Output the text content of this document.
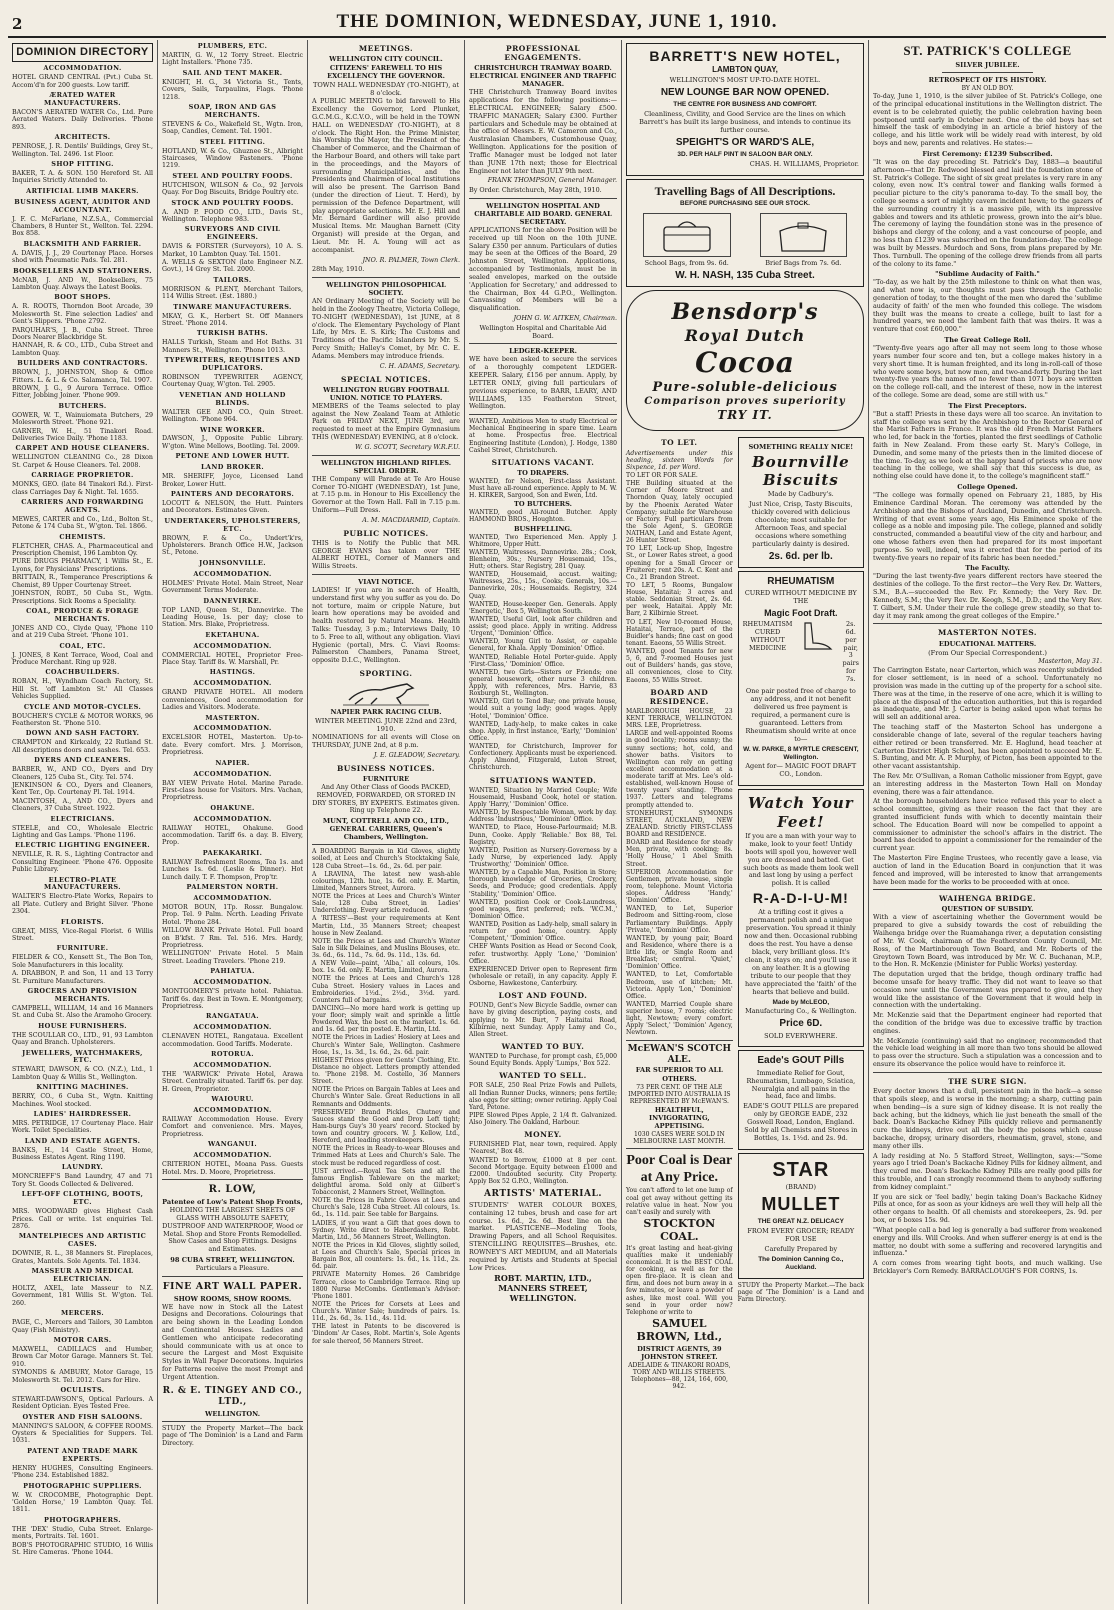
2	THE DOMINION, WEDNESDAY, JUNE 1, 1910.
DOMINION DIRECTORY
ACCOMMODATION.
HOTEL GRAND CENTRAL (Pvt.) Cuba St. Accom'd'n for 200 guests. Low tariff.
ÆRATED WATER MANUFACTURERS.
BACON'S AERATED WATER Co., Ltd. Pure Aerated Waters. Daily Deliveries. 'Phone 893.
ARCHITECTS.
PENROSE, J. R. Dentils' Buildings, Grey St., Wellington. Tel. 2496. 1st Floor.
SHOP FITTING.
BAKER, T. A. & SON. 150 Hereford St. All Inquiries Strictly Attended to.
ARTIFICIAL LIMB MAKERS.
BUSINESS AGENT, AUDITOR AND ACCOUNTANT.
J. F. C. McFarlane, N.Z.S.A., Commercial Chambers, 8 Hunter St., Wellton. Tel. 2294. Box 858.
BLACKSMITH AND FARRIER.
A. DAVIS, J. J., 29 Courtenay Place. Horses shod with Pneumatic Pads. Tel. 281.
BOOKSELLERS AND STATIONERS.
McNAB, J. AND W., Booksellers, 75 Lambton Quay. Always the Latest Books.
BOOT SHOPS.
A. R. ROOTS, Thorndon Boot Arcade, 39 Molesworth St. Fine selection Ladies' and Gent's Slippers. 'Phone 2792.
PARQUHAR'S, J. B., Cuba Street. Three Doors Nearer Blackbridge St.
HANNAH, R. & CO., LTD., Cuba Street and Lambton Quay.
BUILDERS AND CONTRACTORS.
BROWN, J., JOHNSTON, Shop & Office Fitters. L. & L. & Co. Salamanca, Tel. 1907.
BROWN, J. G., 9 Aurora Terrace. Office Fitter, Jobbing Joiner. 'Phone 909.
BUTCHERS.
GOWER, W. T., Wainuiomata Butchers, 29 Molesworth Street. 'Phone 921.
GARNER, W. H., 51 Tinakori Road. Deliveries Twice Daily. 'Phone 1183.
CARPET AND HOUSE CLEANERS.
WELLINGTON CLEANING Co., 28 Dixon St. Carpet & House Cleaners. Tel. 2008.
CARRIAGE PROPRIETOR.
MONKS, GEO. (late 84 Tinakori Rd.). First-class Carriages Day & Night. Tel. 1655.
CARRIERS AND FORWARDING AGENTS.
MEWES, CARTER and Co., Ltd., Bolton St., Petone & 174 Cuba St., W'gton. Tel. 1866.
CHEMISTS.
FLETCHER, CHAS. A., Pharmaceutical and Prescription Chemist, 196 Lambton Qy.
PURE DRUGS PHARMACY, 1 Willis St., E. Lyons, for Physicians' Prescriptions.
BRITTAIN, R., Temperance Prescriptions & Chemist, 89 Upper Courtenay Street.
JOHNSTON, ROBT., 50 Cuba St., Wgtn. Prescriptions. Sick Rooms a Speciality.
COAL, PRODUCE & FORAGE MERCHANTS.
JONES AND CO., Clyde Quay, 'Phone 110 and at 219 Cuba Street. 'Phone 101.
COAL, ETC.
J. JONES, 8 Kent Terrace, Wood, Coal and Produce Merchant. Ring up 928.
COACHBUILDERS.
ROBAN, H., Wyndham Coach Factory, St. Hill St. 'off Lambton St.' All Classes Vehicles Supplied.
CYCLE AND MOTOR-CYCLES.
BOUCHER'S CYCLE & MOTOR WORKS, 96 Featherston St. 'Phone 510.
DOWN AND SASH FACTORY.
CRAMPTON and Kirkcaldy, 22 Rutland St. All descriptions doors and sashes. Tel. 653.
DYERS AND CLEANERS.
BARBER, W., AND CO., Dyers and Dry Cleaners, 125 Cuba St., City. Tel. 574.
JENKINSON & CO., Dyers and Cleaners, Kent Ter., Op. Courtenay Pl. Tel. 1914.
MACINTOSH, A., AND CO., Dyers and Cleaners, 37 Cuba Street. 1922.
ELECTRICIANS.
STEELE, and CO., Wholesale Electric Lighting and Gas Lamps. 'Phone 1196.
ELECTRIC LIGHTING ENGINEER.
NEVILLE, R. R. S., Lighting Contractor and Consulting Engineer. 'Phone 476. Opposite Public Library.
ELECTRO-PLATE MANUFACTURERS.
WALTER'S Electro-Plate Works, Repairs to all Plate. Cutlery and Bright Silver. 'Phone 2304.
FLORISTS.
GREAT, MISS, Vice-Regal Florist. 6 Willis Street.
FURNITURE.
FIELDER & CO., Kensett St., The Bon Ton, Sole Manufacturers in this locality.
A. DRABBON, P. and Son, 11 and 13 Torry St. Furniture Manufacturers.
GROCERS AND PROVISION MERCHANTS.
CAMPBELL, WILLIAM, 14 and 16 Manners St. and Cuba St. Also the Aramoho Grocery.
HOUSE FURNISHERS.
THE SCOULLAR CO., LTD., 91, 93 Lambton Quay and Branch. Upholsterers.
JEWELLERS, WATCHMAKERS, ETC.
STEWART, DAWSON, & CO. (N.Z.), Ltd., 1 Lambton Quay & Willis St., Wellington.
KNITTING MACHINES.
BERRY, CO., 6 Cuba St., Wgtn. Knitting Machines. Wool stocked.
LADIES' HAIRDRESSER.
MRS. PETRIDGE, 17 Courtenay Place. Hair Work. Toilet Specialities.
LAND AND ESTATE AGENTS.
BANKS, H., 14 Castle Street, Home, Business Estates Agent. Ring 1190.
LAUNDRY.
MONCRIEFF'S Band Laundry, 47 and 71 Tory St. Goods Collected & Delivered.
LEFT-OFF CLOTHING, BOOTS, ETC.
MRS. WOODWARD gives Highest Cash Prices. Call or write. 1st enquiries Tel. 2876.
MANTELPIECES AND ARTISTIC CASES.
DOWNIE, R. L., 38 Manners St. Fireplaces, Grates, Mantels. Sole Agents. Tel. 1834.
MASSEUR AND MEDICAL ELECTRICIAN.
HOLTZ, AXEL, late Masseur to N.Z. Government, 181 Willis St. W'gton. Tel. 260.
MERCERS.
PAGE, C., Mercers and Tailors, 30 Lambton Quay (Fish Ministry).
MOTOR CARS.
MAXWELL, CADILLACS and Humber, Brown Car Motor Garage. Manners St. Tel. 910.
SYMONDS & AMBURY, Motor Garage, 15 Molesworth St. Tel. 2012. Cars for Hire.
OCULISTS.
STEWART-DAWSON'S, Optical Parlours. A Resident Optician. Eyes Tested Free.
OYSTER AND FISH SALOONS.
MANNING'S SALOON, & COFFEE ROOMS. Oysters & Specialities for Suppers. Tel. 1031.
PATENT AND TRADE MARK EXPERTS.
HENRY HUGHES, Consulting Engineers. 'Phone 234. Established 1882.
PHOTOGRAPHIC SUPPLIERS.
W. W. CROCOMBE, Photographic Dept. 'Golden Horse,' 19 Lambton Quay. Tel. 1811.
PHOTOGRAPHERS.
THE 'DEX' Studio, Cuba Street. Enlarge-ments, Portraits. Tel. 1601.
BOB'S PHOTOGRAPHIC STUDIO, 16 Willis St. Hire Cameras. 'Phone 1044.
PLUMBERS, ETC.
MARTIN, G. W., 12 Torry Street. Electric Light Installers. 'Phone 735.
SAIL AND TENT MAKER.
KNIGHT, H. G., 34 Victoria St., Tents, Covers, Sails, Tarpaulins, Flags. 'Phone 1218.
SOAP, IRON AND GAS MERCHANTS.
STEVENS & Co., Wakefield St., Wgtn. Iron, Soap, Candles, Cement. Tel. 1901.
STEEL FITTING.
HOTLAND, W. & Co., Ghuznee St., Albright Staircases, Window Fasteners. 'Phone 1219.
STEEL AND POULTRY FOODS.
HUTCHISON, WILSON & Co., 92 Jervois Quay. For Dog Biscuits, Bridge Poultry etc.
STOCK AND POULTRY FOODS.
A. AND P. FOOD CO., LTD., Davis St., Wellington. Telephone 983.
SURVEYORS AND CIVIL ENGINEERS.
DAVIS & FORSTER (Surveyors), 10 A. S. Market, 10 Lambton Quay. Tel. 1501.
A. WELLS & SEXTON (late Engineer N.Z. Govt.), 14 Grey St. Tel. 2000.
TAILORS.
MORRISON & PLENT, Merchant Tailors, 114 Willis Street. (Est. 1880.)
TINWARE MANUFACTURERS.
MKAY, G. K., Herbert St. Off Manners Street. 'Phone 2014.
TURKISH BATHS.
HALLS Turkish, Steam and Hot Baths. 31 Manners St., Wellington. 'Phone 1013.
TYPEWRITERS, REQUISITES AND DUPLICATORS.
ROBINSON TYPEWRITER AGENCY, Courtenay Quay, W'gton. Tel. 2905.
VENETIAN AND HOLLAND BLINDS.
WALTER GEE AND CO., Quin Street. Wellington. 'Phone 964.
WINE WORKER.
DAWSON, J., Opposite Public Library. W'gton. Wine Mellows, Bootling. Tel. 2009.
PETONE AND LOWER HUTT.
LAND BROKER.
MR. SHERIFF, Joyce, Licensed Land Broker, Lower Hutt.
PAINTERS AND DECORATORS.
LOCOTT & NELSON, the Hutt. Painters and Decorators. Estimates Given.
UNDERTAKERS, UPHOLSTERERS, ETC.
BROWN, F. & Co., Undert'k'rs, Upholsterers. Branch Office H.W., Jackson St., Petone.
JOHNSONVILLE.
ACCOMMODATION.
HOLMES' Private Hotel. Main Street, Near Government Terms Moderate.
DANNEVIRKE.
TOP LAND, Queen St., Dannevirke. The Leading House, 1s. per day; close to Station. Mrs. Blake, Proprietress.
EKETAHUNA.
ACCOMMODATION.
COMMERCIAL HOTEL, Proprietor Free-Place Stay. Tariff 8s. W. Marshall, Pr.
HASTINGS.
ACCOMMODATION.
GRAND PRIVATE HOTEL. All modern conveniences, Good accommodation for Ladies and Visitors. Moderate.
MASTERTON.
ACCOMMODATION.
EXCELSIOR HOTEL, Masterton. Up-to-date. Every comfort. Mrs. J. Morrison, Proprietress.
NAPIER.
ACCOMMODATION.
BAY VIEW Private Hotel. Marine Parade. First-class house for Visitors. Mrs. Vachan, Proprietress.
OHAKUNE.
ACCOMMODATION.
RAILWAY HOTEL, Ohakune. Good accommodation. Tariff 6s. a day. B. Elvery, Prop.
PAEKAKARIKI.
RAILWAY Refreshment Rooms, Tea 1s. and Lunches 1s. 6d. (Leslie & Dinner). Hot Lunch daily. T. F. Thompson, Prop'tr.
PALMERSTON NORTH.
ACCOMMODATION.
MOTOR BOUN, 1Tp. Rossr. Bungalow. Prop. Tel. 9 Palm. Ncrth. Leading Private Hotel. 'Phone 284.
WILLOW BANK Private Hotel. Full board on B'kfst. 7 Rm. Tel. 516. Mrs. Hardy, Proprietress.
WELLINGTON' Private Hotel. 5 Main Street. Leading Travelers. 'Phone 219.
PAHIATUA.
ACCOMMODATION.
MONTGOMERY'S private hotel. Pahiatua. Tariff 6s. day. Best in Town. E. Montgomery, Proprietress.
RANGATAUA.
ACCOMMODATION.
CLENAVEN HOTEL, Rangataua. Excellent accommodation. Good Tariffs. Moderate.
ROTORUA.
ACCOMMODATION.
THE 'WARWICK' Private Hotel, Arawa Street. Centrally situated. Tariff 6s. per day. H. Green, Proprietor.
WAIOURU.
ACCOMMODATION.
RAILWAY Accommodation House. Every Comfort and convenience. Mrs. Mayes, Proprietress.
WANGANUI.
ACCOMMODATION.
CRITERION HOTEL, Moana Pass. Guests Hotel. Mrs. D. Moore, Proprietress.
R. LOW,
Patentee of Low's Patent Shop Fronts,
HOLDING THE LARGEST SHEETS OF GLASS WITH ABSOLUTE SAFETY, DUSTPROOF AND WATERPROOF, Wood or Metal. Shop and Store Fronts Remodelled. Show Cases and Shop Fittings. Designs and Estimates.
98 CUBA STREET, WELLINGTON.
Particulars a Pleasure.
FINE ART WALL PAPER.
SHOW ROOMS, SHOW ROOMS.
WE have now in Stock all the Latest Designs and Decorations. Colourings that are being shown in the Leading London and Continental Houses. Ladies and Gentlemen who anticipate redecorating should communicate with us at once to secure the Largest and Most Exquisite Styles in Wall Paper Decorations. Inquiries for Patterns receive the most Prompt and Urgent Attention.
R. & E. TINGEY AND CO., LTD.,
WELLINGTON.
STUDY the Property Market—The back page of 'The Dominion' is a Land and Farm Directory.
MEETINGS.
WELLINGTON CITY COUNCIL.
CITIZENS' FAREWELL TO HIS EXCELLENCY THE GOVERNOR.
TOWN HALL WEDNESDAY (TO-NIGHT), at 8 o'clock.
A PUBLIC MEETING to bid farewell to His Excellency the Governor, Lord Plunket, G.C.M.G., K.C.V.O., will be held in the TOWN HALL on WEDNESDAY (TO-NIGHT), at 8 o'clock. The Right Hon. the Prime Minister, his Worship the Mayor, the President of the Chamber of Commerce, and the Chairman of the Harbour Board, and others will take part in the proceedings, and the Mayors of surrounding Municipalities, and the Presidents and Chairmen of local Institutions will also be present. The Garrison Band (under the direction of Lieut. T. Herd), by permission of the Defence Department, will play appropriate selections. Mr. E. J. Hill and Mr. Bernard Gardiner will also provide Musical Items. Mr. Maughan Barnett (City Organist) will preside at the Organ, and Lieut. Mr. H. A. Young will act as accompanist.
JNO. R. PALMER, Town Clerk.
28th May, 1910.
WELLINGTON PHILOSOPHICAL SOCIETY.
AN Ordinary Meeting of the Society will be held in the Zoology Theatre, Victoria College, TO-NIGHT (WEDNESDAY), 1st JUNE, at 8 o'clock. The Elementary Psychology of Plant Life, by Mrs. E. S. Kirk; The Customs and Traditions of the Pacific Islanders by Mr. S. Percy Smith; Halley's Comet, by Mr. C. E. Adams. Members may introduce friends.
C. H. ADAMS, Secretary.
SPECIAL NOTICES.
WELLINGTON RUGBY FOOTBALL UNION. NOTICE TO PLAYERS.
MEMBERS of the Teams selected to play against the New Zealand Team at Athletic Park on FRIDAY NEXT, JUNE 3rd, are requested to meet at the Empire Gymnasium THIS (WEDNESDAY) EVENING, at 8 o'clock.
W. G. SCOTT, Secretary W.R.F.U.
WELLINGTON HIGHLAND RIFLES. SPECIAL ORDER.
THE Company will Parade at Te Aro House Corner TO-NIGHT (WEDNESDAY), 1st June, at 7.15 p.m. in Honour to His Excellency the Governor at the Town Hall. Fall in 7.15 p.m. Uniform—Full Dress.
A. M. MACDIARMID, Captain.
PUBLIC NOTICES.
THIS is to Notify the Public that MR. GEORGE EVANS has taken over THE ALBERT HOTEL, Corner of Manners and Willis Streets.
VIAVI NOTICE.
LADIES! If you are in search of Health, understand first why you suffer as you do. Do not torture, maim or cripple Nature, but learn how operations may be avoided and health restored by Natural Means. Health Talks: Tuesday, 3 p.m.; Interviews Daily, 10 to 5. Free to all, without any obligation. Viavi Hygienic (portal), Mrs. C. Viavi Rooms: Palmerston Chambers, Panama Street, opposite D.I.C., Wellington.
SPORTING.
NAPIER PARK RACING CLUB.
WINTER MEETING. JUNE 22nd and 23rd, 1910.
NOMINATIONS for all events will Close on THURSDAY, JUNE 2nd, at 8 p.m.
J. E. GLEADOW, Secretary.
BUSINESS NOTICES.
FURNITURE
And Any Other Class of Goods PACKED, REMOVED, FORWARDED, OR STORED IN DRY STORES, BY EXPERTS. Estimates given. Ring up Telephone 22.
MUNT, COTTRELL AND CO., LTD., GENERAL CARRIERS, Queen's Chambers, Wellington.
A BOARDING Bargain in Kid Gloves, slightly soiled, at Lees and Church's Stocktaking Sale, 128 Cuba Street—1s. 6d., 2s. 6d. per pair.
A LRAVINA, The latest new wash-able colourings, 12th. hue, 1s. 6d. only. E. Martin, Limited, Manners Street, Aurora.
NOTE the Prices at Lees and Church's Winter Sale, 128 Cuba Street, in Ladies' Underclothing. Every article reduced.
A 'RITESS'—Best your requirements at Kent Martin, Ltd., 35 Manners Street; cheapest house in New Zealand.
NOTE the Prices at Lees and Church's Winter Sale in Silk Delaines, and Muslins Blouses, etc. 3s. 6d., 6s. 11d., 7s. 6d. 9s. 11d., 13s. 6d.
A NEW Voile—paint, 'Alba,' all colours, 10s. box. 1s. 6d. only. E. Martin, Limited, Aurora.
NOTE the Prices at Lees and Church's 128 Cuba Street. Hosiery values in Laces and Embroideries. 1½d., 2½d., 3½d. yard. Counters full of bargains.
DANCING—No more hard work is getting up your floor; simply wait and sprinkle a little Powdered Wax, the best on the market. 1s. 6d. and 1s. 6d. per tin posted. E. Martin, Ltd.
NOTE the Prices in Ladies' Hosiery at Lees and Church's Winter Sale, Wellington. Cashmere Hose, 1s., 1s. 3d., 1s. 6d., 2s. 6d. pair.
HIGHEST Prices given for Gents' Clothing, Etc. Distance no object. Letters promptly attended to. 'Phone 2198. M. Costello, 36 Manners Street.
NOTE the Prices on Bargain Tables at Lees and Church's Winter Sale. Great Reductions in all Remnants and Oddments.
'PRESERVED' Brand Pickles, Chutney and Sauces stand the Good and Drop Left tight; Ham-burgs Guy's 30 years' record. Stocked by town and country grocers. W. J. Kellow, Ltd., Hereford, and leading storekeepers.
NOTE the Prices in Ready-to-wear Blouses and Trimmed Hats at Lees and Church's Sale. The stock must be reduced regardless of cost.
JUST arrived.—Royal Tea Sets and all the famous English Tableware on the market; delightful aroma. Sold only at Gilbert's Tobacconist, 2 Manners Street, Wellington.
NOTE the Prices in Fabric Gloves at Lees and Church's Sale, 128 Cuba Street. All colours, 1s. 6d., 1s. 11d. pair. See table for Bargains.
LADIES, if you want a Gift that goes down to Sydney. Write direct to Haberdashers, Robt. Martin, Ltd., 56 Manners Street, Wellington.
NOTE the Prices in Kid Gloves, slightly soiled, at Lees and Church's Sale, Special prices in Bargain Box, all counters: 1s. 6d., 1s. 11d., 2s. 6d. pair.
PRIVATE Maternity Homes. 26 Cambridge Terrace, close to Cambridge Terrace. Ring up 1800 Nurse McCombs. Gentleman's Advisor: 'Phone 1801.
NOTE the Prices for Corsets at Lees and Church's. Winter Sale; hundreds of pairs. 1s. 11d., 2s. 6d., 3s. 11d., 4s. 11d.
THE latest in Patents to be discovered is 'Dindom' Ar Cases, Robt. Martin's, Sole Agents for sale thereof, 56 Manners Street.
PROFESSIONAL ENGAGEMENTS.
CHRISTCHURCH TRAMWAY BOARD. ELECTRICAL ENGINEER AND TRAFFIC MANAGER.
THE Christchurch Tramway Board invites applications for the following positions:— ELECTRICAL ENGINEER; Salary £500. TRAFFIC MANAGER; Salary £300. Further particulars and Schedule may be obtained at the office of Messrs. E. W. Cameron and Co., Australasian Chambers, Customhouse Quay, Wellington. Applications for the position of Traffic Manager must be lodged not later than JUNE 17th next; those for Electrical Engineer not later than JULY 9th next.
FRANK THOMPSON, General Manager.
By Order. Christchurch, May 28th, 1910.
WELLINGTON HOSPITAL AND CHARITABLE AID BOARD. GENERAL SECRETARY.
APPLICATIONS for the above Position will be received up till Noon on the 10th JUNE. Salary £350 per annum. Particulars of duties may be seen at the Offices of the Board, 29 Johnston Street, Wellington. Applications, accompanied by Testimonials, must be in sealed envelopes, marked on the outside 'Application for Secretary,' and addressed to the Chairman, Box 44 G.P.O., Wellington. Canvassing of Members will be a disqualification.
JOHN G. W. AITKEN, Chairman.
Wellington Hospital and Charitable Aid Board.
LEDGER-KEEPER.
WE have been asked to secure the services of a thoroughly competent LEDGER-KEEPER. Salary, £156 per annum. Apply, by LETTER ONLY, giving full particulars of previous experience, to BARR, LEARY, AND WILLIAMS, 135 Featherston Street, Wellington.
WANTED, Ambitious Men to study Electrical or Mechanical Engineering in spare time. Learn at home. Prospectus free. Electrical Engineering Institute (London), J. Hodge, 1380 Cashel Street, Christchurch.
SITUATIONS VACANT.
TO DRAPERS.
WANTED, for Nelson, First-class Assistant. Must have all-round experience. Apply to M. W. H. KIRKER, Sargood, Son and Ewen, Ltd.
TO BUTCHERS.
WANTED, good All-round Butcher. Apply HAMMOND BROS., Houghton.
BUSHFELLING.
WANTED, Two Experienced Men. Apply J. Whitmore, Upper Hutt.
WANTED, Waitresses, Dannevirke. 28s.; Cook, Blenheim, 30s.; Nursery Housemaid, 15s., Hutt; others. Star Registry, 281 Quay.
WANTED, Housemaid, accust. waiting; Waitresses, 25s., 15s., Cooks; Generals, 10s.—Dannevirke, 20s.; Housemaids. Registry, 324 Quay.
WANTED, House-keeper Gen. Generals. Apply 'Energetic,' Box 5, Wellington South.
WANTED, Useful Girl, look after children and assist; good place. Apply in writing. Address 'Urgent,' 'Dominion' Office.
WANTED, Young Girl to Assist, or capable General, for Khala. Apply 'Dominion' Office.
WANTED, Reliable Hotel Porter-guide. Apply 'First-Class,' 'Dominion' Office.
WANTED, two Girls—Sisters or Friends; one general housework, other nurse 3 children. Apply, with references, Mrs. Harvie, 83 Roxburgh St., Wellington.
WANTED, Girl to Tend Bar; one private house, would suit a young lady; good wages. Apply 'Hotel,' 'Dominion' Office.
WANTED, Lady-help, to make cakes in cake shop. Apply, in first instance, 'Early,' 'Dominion' Office.
WANTED, for Christchurch, Improver for Confectionery. Applicants must be experienced. Apply Almond, Fitzgerald, Luton Street, Christchurch.
SITUATIONS WANTED.
WANTED, Situation by Married Couple; Wife Housemaid, Husband Cook, hotel or station. Apply 'Harry,' 'Dominion' Office.
WANTED, by Respectable Woman, work by day. Address 'Industrious,' 'Dominion' Office.
WANTED, to Place, House-Parlourmaid; M.B. Dunn, Cooke. Apply 'Reliable.' Box 88, Tel. Registry.
WANTED, Position as Nursery-Governess by a Lady Nurse, by experienced lady. Apply 'Trustworthy,' 'Dominion' Office.
WANTED, by a Capable Man, Position in Store; thorough knowledge of Groceries, Crockery, Seeds, and Produce; good credentials. Apply 'Stability,' 'Dominion' Office.
WANTED, position Cook or Cook-Laundress, good wages, first preferred; refs. 'W.C.M.,' 'Dominion' Office.
WANTED, Position as Lady-help, small salary in return for good home, country. Apply 'Competent,' 'Dominion' Office.
CHEF Wants Position as Head or Second Cook, refer. trustworthy. Apply 'Lone,' 'Dominion' Office.
EXPERIENCED Driver open to Represent firm (wholesale or retail), in any capacity. Apply F. Osborne, Hawkestone, Canterbury.
LOST AND FOUND.
FOUND, Gent's New Bicycle Saddle, owner can have by giving description, paying costs, and applying to Mr. Burt, 7 Haitaitai Road, Kilbirnie, next Sunday. Apply Lamy and Co., Allen Street.
WANTED TO BUY.
WANTED to Purchase, for prompt cash, £5,000 Sound Equity Bonds. Apply 'Lumps,' Box 522.
WANTED TO SELL.
FOR SALE, 250 Real Prize Fowls and Pullets, all Indian Runner Ducks, winners; pens fertile; also eggs for sitting; owner retiring. Apply Coal Yard, Petone.
PIPE Slowed Pipes Apple, 2 1/4 ft. Galvanized. Also Joinery. The Oakland, Harbour.
MONEY.
FURNISHED Flat, near town, required. Apply 'Nearest,' Box 48.
WANTED to Borrow, £1000 at 8 per cent. Second Mortgage. Equity between £1000 and £2000. Undoubted security. City Property. Apply Box 52 G.P.O., Wellington.
ARTISTS' MATERIAL.
STUDENTS' WATER COLOUR BOXES, containing 12 tubes, brush and case for art course. 1s. 6d., 2s. 6d. Best line on the market. PLASTICENE—Modeling Tools, Drawing Papers, and all School Requisites. STENCILLING REQUISITES—Brushes, etc. ROWNEY'S ART MEDIUM, and all Materials required by Artists and Students at Special Low Prices.
ROBT. MARTIN, LTD., MANNERS STREET, WELLINGTON.
BARRETT'S NEW HOTEL,
LAMBTON QUAY,
WELLINGTON'S MOST UP-TO-DATE HOTEL.
NEW LOUNGE BAR NOW OPENED.
THE CENTRE FOR BUSINESS AND COMFORT.
Cleanliness, Civility, and Good Service are the lines on which Barrett's has built its large business, and intends to continue its further course.
SPEIGHT'S OR WARD'S ALE,
3D. PER HALF PINT IN SALOON BAR ONLY.
CHAS. H. WILLIAMS, Proprietor.
Travelling Bags of All Descriptions.
BEFORE PURCHASING SEE OUR STOCK.
School Bags, from 9s. 6d.	Brief Bags from 7s. 6d.
W. H. NASH, 135 Cuba Street.
Bensdorp's
Royal Dutch
Cocoa
Pure-soluble-delicious
Comparison proves superiority
TRY IT.
TO LET.
Advertisements under this heading, sixteen Words for Sixpence, 1d. per Word.
TO LET OR FOR SALE.
THE Building situated at the Corner of Moore Street and Thorndon Quay, lately occupied by the Phoenix Aerated Water Company; suitable for Warehouse or Factory. Full particulars from the Sole Agent, S. GEORGE NATHAN, Land and Estate Agent, 26 Hunter Street.
TO LET, Lock-up Shop, Ingestre St., or Lower Rates street, a good opening for a Small Grocer or Fruiterer; rent 20s. A. C. Kent and Co., 21 Brandon Street.
TO LET, 5 Rooms, Bungalow House, Hataitai; 3 acres and stable. Seddonian Street, 2s. 6d. per week, Hataitai. Apply Mr. Barr, 2 Kilbirnie Street.
TO LET, New 10-roomed House, Hataitai, Terrace, part of the Buidler's hands; fine cast on good tenant. Eaeons, 55 Willis Street.
WANTED, good Tenants for new 5, 6, and 7-roomed Houses just out of Builders' hands, gas stove, all conveniences, close to City. Eaeons, 55 Willis Street.
BOARD AND RESIDENCE.
MARLBOROUGH HOUSE, 23 KENT TERRACE, WELLINGTON. MRS. LEE, Proprietress.
LARGE and well-appointed Rooms in good locality; rooms sunny; the sunny sections; hot, cold, and shower baths. Visitors to Wellington can rely on getting excellent accommodation at a moderate tariff at Mrs. Lee's old-established, well-known House of twenty years' standing. 'Phone 1937. Letters and telegrams promptly attended to.
STONEHURST, SYMONDS STREET, AUCKLAND, NEW ZEALAND. Strictly FIRST-CLASS BOARD and RESIDENCE.
BOARD and Residence for steady Men, private, with cooking; 8s. 'Holly House,' 1 Abel Smith Street.
SUPERIOR Accommodation for Gentlemen, private house, single room, telephone. Mount Victoria slopes. Address 'Handy,' 'Dominion' Office.
WANTED, to Let, Superior Bedroom and Sitting-room, close Parliamentary Buildings. Apply 'Private,' 'Dominion' Office.
WANTED, by young pair, Board and Residence, where there is a little life, or Single Room and Breakfast; central. 'Quiet,' 'Dominion' Office.
WANTED, to Let, Comfortable Bedroom, use of kitchen; Mt. Victoria. Apply 'Lon,' 'Dominion' Office.
WANTED, Married Couple share superior house, 7 rooms; electric light, Newtown; every comfort. Apply 'Select,' 'Dominion' Agency, Newtown.
McEWAN'S SCOTCH ALE.
FAR SUPERIOR TO ALL OTHERS.
73 PER CENT. OF THE ALE IMPORTED INTO AUSTRALIA IS REPRESENTED BY McEWAN'S.
HEALTHFUL, INVIGORATING, APPETISING.
1030 CASES WERE SOLD IN MELBOURNE LAST MONTH.
Poor Coal is Dear at Any Price.
You can't afford to let one lump of coal get away without getting its relative value in heat. Now you can't easily and surely with
STOCKTON COAL.
It's great lasting and heat-giving qualities make it undeniably economical. It is the BEST COAL for cooking, as well as for the open fire-place. It is clean and firm, and does not burn away in a few minutes, or leave a powder of ashes, like most coal. Will you send in your order now? Telephone or write to
SAMUEL BROWN, Ltd.,
DISTRICT AGENTS, 39 JOHNSTON STREET.
ADELAIDE & TINAKORI ROADS, TORY AND WILLIS STREETS. Telephones—88, 124, 164, 600, 942.
SOMETHING REALLY NICE!
Bournville Biscuits
Made by Cadbury's.
Just Nice, Crisp, Tasty Biscuits, thickly covered with delicious chocolate; most suitable for Afternoon Teas, and special occasions where something particularly dainty is desired.
2s. 6d. per lb.
RHEUMATISM
CURED WITHOUT MEDICINE BY THE
Magic Foot Draft.
RHEUMATISM CURED WITHOUT MEDICINE
2s. 6d. per pair, 3 pairs for 7s.
One pair posted free of charge to any address, and it not benefit delivered us free payment is required, a permanent cure is guaranteed. Letters from Rheumatism should write at once to—
W. W. PARKE, 8 MYRTLE CRESCENT, Wellington.
Agent for— MAGIC FOOT DRAFT CO., London.
Watch Your Feet!
If you are a man with your way to make, look to your feet! Untidy boots will spoil you, however well you are dressed and batted. Get such boots as made them look well and last long by using a perfect polish. It is called
R-A-D-I-U-M!
At a trifling cost it gives a permanent polish and a unique preservation. You spread it thinly now and then. Occasional rubbing does the rest. You have a dense black, very brilliant gloss. It's clean, it stays on; and you'll use it on any leather. It is a glowing tribute to our people that they have appreciated the 'faith' of the hearts that believe and build.
Made by McLEOD,
Manufacturing Co., & Wellington.
Price 6D.
SOLD EVERYWHERE.
Eade's GOUT Pills
Immediate Relief for Gout, Rheumatism, Lumbago, Sciatica, Neuralgia and all pains in the head, face and limbs.
EADE'S GOUT PILLS are prepared only by GEORGE EADE, 232 Goswell Road, London, England. Sold by all Chemists and Stores in Bottles, 1s. 1½d. and 2s. 9d.
STAR
(BRAND)
MULLET
THE GREAT N.Z. DELICACY
FROM EVERY GROCER; READY FOR USE
Carefully Prepared by
The Dominion Canning Co., Auckland.
STUDY the Property Market.—The back page of 'The Dominion' is a Land and Farm Directory.
ST. PATRICK'S COLLEGE
SILVER JUBILEE.
RETROSPECT OF ITS HISTORY.
BY AN OLD BOY.
To-day, June 1, 1910, is the silver jubilee of St. Patrick's College, one of the principal educational institutions in the Wellington district. The event is to be celebrated quietly, the public celebration having been postponed until early in October next. One of the old boys has set himself the task of embodying in an article a brief history of the college, and his little work will be widely read with interest, by old boys and new, parents and relatives. He states:—
First Ceremony: £1239 Subscribed.
"It was on the day preceding St. Patrick's Day, 1883—a beautiful afternoon—that Dr. Redwood blessed and laid the foundation stone of St. Patrick's College. The sight of six great prelates is very rare in any colony, even now. It's central tower and flanking walls formed a peculiar picture to the city's panorama to-day. To the small boy, the college seems a sort of mighty cavern incident hewn; to the gazers of the surrounding country it is a massive pile, with its impressive gables and towers and its athletic prowess, grown into the air's blue. The ceremony of laying the foundation stone was in the presence of bishops and clergy of the colony, and a vast concourse of people, and no less than £1239 was subscribed on the foundation-day. The college was built by Messrs. Murdoch and Sons, from plans prepared by Mr. Thos. Turnbull. The opening of the college drew friends from all parts of the colony to its fame."
"Sublime Audacity of Faith."
"To-day, as we halt by the 25th milestone to think on what then was, and what now is, our thoughts must pass through the Catholic generation of today, to the thought of the men who dared the 'sublime audacity of faith' of the men who founded this college. The wisdom they built was the means to create a college, built to last for a hundred years, we need the lambent faith that was theirs. It was a venture that cost £60,000."
The Great College Roll.
"Twenty-five years ago after all may not seem long to those whose years number four score and ten, but a college makes history in a very short time. It is human freighted, and its long in-roll-call of those who were some boys, but now men, and two-and-forty. During the last twenty-five years the names of no fewer than 1071 boys are written on the college roll-call, and the interest of these, now in the interest of the college. Some are dead, some are still with us."
The First Preceptors.
"But a staff! Priests in these days were all too scarce. An invitation to staff the college was sent by the Archbishop to the Rector General of the Marist Fathers in France. It was the old French Marist Fathers who led, for back in the 'forties, planted the first seedlings of Catholic faith in New Zealand. From these early St. Mary's College, in Dunedin, and some many of the priests then in the limited diocese of the time. To-day, as we look at the happy band of priests who are now teaching in the college, we shall say that this success is due, as nothing else could have done it, to the college's magnificent staff."
College Opened.
"The college was formally opened on February 21, 1885, by His Eminence Cardinal Moran. The ceremony was attended by the Archbishop and the Bishops of Auckland, Dunedin, and Christchurch. Writing of that event some years ago, His Eminence spoke of the college as a noble and imposing pile. The college, planned and solidly constructed, commanded a beautiful view of the city and harbour, and one whose fathers even then had prepared for its most important purpose. So well, indeed, was it erected that for the period of its twenty-five years no repair of its fabric has been needed."
The Faculty.
"During the last twenty-five years different rectors have steered the destinies of the college. To the first rector—the Very Rev. Dr. Watters, S.M., B.A.—succeeded the Rev. Fr. Kennedy; the Very Rev. Dr. Kennedy, S.M.; the Very Rev. Dr. Keogh, S.M., D.D.; and the Very Rev. T. Gilbert, S.M. Under their rule the college grew steadily, so that to-day it may rank among the great colleges of the Empire."
MASTERTON NOTES.
EDUCATIONAL MATTERS.
(From Our Special Correspondent.)
Masterton, May 31.
The Carrington Estate, near Carterton, which was recently subdivided for closer settlement, is in need of a school. Unfortunately no provision was made in the cutting up of the property for a school site. There was at the time, in the reserve of one acre, which it is willing to place at the disposal of the education authorities, but this is regarded as inadequate, and Mr. J. Carter is being asked upon what terms he will sell an additional area.
The teaching staff of the Masterton School has undergone a considerable change of late, several of the regular teachers having either retired or been transferred. Mr. E. Haglund, head teacher at Carterton District High School, has been appointed to succeed Mr. E. S. Bunting, and Mr. A. P. Murphy, of Picton, has been appointed to the other vacant assistantship.
The Rev. Mr. O'Sullivan, a Roman Catholic missioner from Egypt, gave an interesting address in the Masterton Town Hall on Monday evening, there was a fair attendance.
At the borough householders have twice refused this year to elect a school committee, giving as their reason the fact that they are granted insufficient funds with which to decently maintain their school. The Education Board will now be compelled to appoint a commissioner to administer the school's affairs in the district. The board has decided to appoint a commissioner for the remainder of the current year.
The Masterton Fire Engine Trustees, who recently gave a lease, via auction of land in the Education Board in conjunction that it was fenced and improved, will be interested to know that arrangements have been made for the works to be proceeded with at once.
WAIHENGA BRIDGE.
QUESTION OF SUBSIDY.
With a view of ascertaining whether the Government would be prepared to give a subsidy towards the cost of rebuilding the Waihenga bridge over the Ruamahanga river, a deputation consisting of Mr. W. Cook, chairman of the Featherston County Council, Mr. Ross, of the Martinborough Town Board, and Mr. Roberts of the Greytown Town Board, was introduced by Mr. W. C. Buchanan, M.P., to the Hon. R. McKenzie (Minister for Public Works) yesterday.
The deputation urged that the bridge, though ordinary traffic had become unsafe for heavy traffic. They did not want to leave so that occasion now until the Government was prepared to give, and they would like the assistance of the Government that it would help in connection with the undertaking.
Mr. McKenzie said that the Department engineer had reported that the condition of the bridge was due to excessive traffic by traction engines.
Mr. McKenzie (continuing) said that no engineer, recommended that the vehicle load weighing in all more than two tons should be allowed to pass over the structure. Such a stipulation was a concession and to ensure its observance the police would have to reinforce it.
THE SURE SIGN.
Every doctor knows that a dull, persistent pain in the back—a sense that spoils sleep, and is worse in the morning; a sharp, cutting pain when bending—is a sure sign of kidney disease. It is not really the back aching, but the kidneys, which lie just beneath the small of the back. Doan's Backache Kidney Pills quickly relieve and permanently cure the kidneys, drive out all the body the poisons which cause backache, dropsy, urinary disorders, rheumatism, gravel, stone, and many other ills.
A lady residing at No. 5 Stafford Street, Wellington, says:—"Some years ago I tried Doan's Backache Kidney Pills for kidney ailment, and they cured me. Doan's Backache Kidney Pills are really good pills for this trouble, and I can strongly recommend them to anybody suffering from kidney complaint."
If you are sick or 'feel badly,' begin taking Doan's Backache Kidney Pills at once, for as soon as your kidneys are well they will help all the other organs to health. Of all chemists and storekeepers, 2s. 9d. per box, or 6 boxes 15s. 9d.
"What people call a bad leg is generally a bad sufferer from weakened energy and ills. Will Crooks. And when sufferer energy is at end is the matter, no doubt with some a suffering and recovered laryngitis and influenza."
A corn comes from wearing tight boots, and much walking. Use Bricklayer's Corn Remedy. BARRACLOUGH'S FOR CORNS, 1s.
